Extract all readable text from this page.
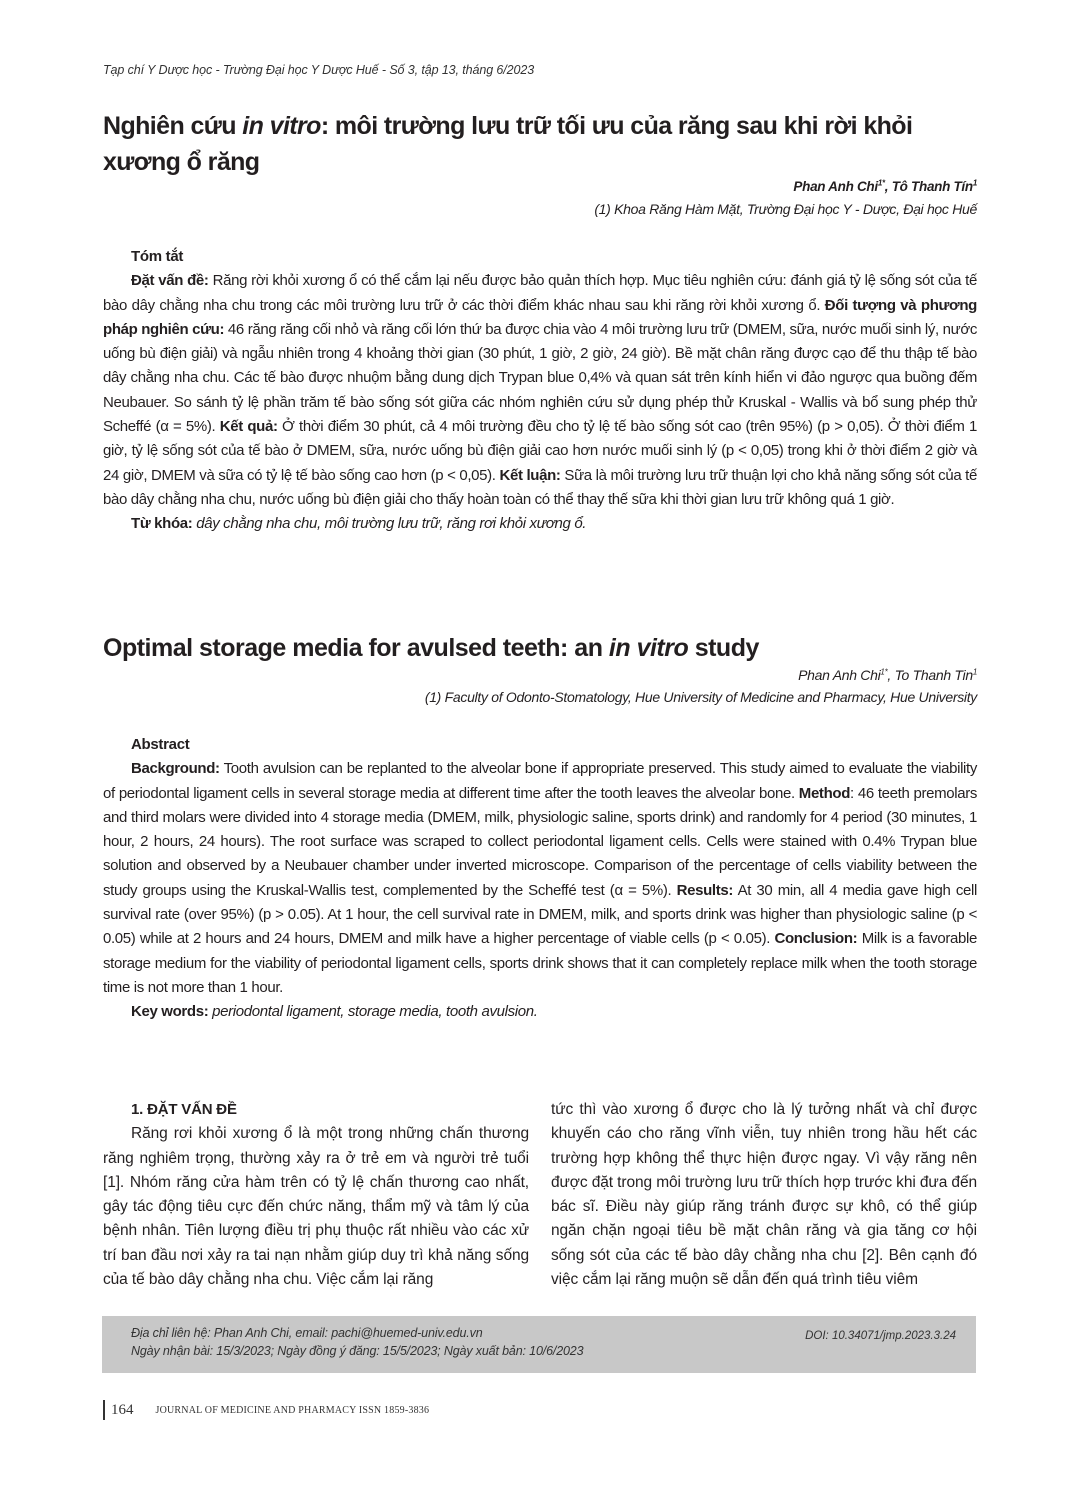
Tạp chí Y Dược học - Trường Đại học Y Dược Huế - Số 3, tập 13, tháng 6/2023
Nghiên cứu in vitro: môi trường lưu trữ tối ưu của răng sau khi rời khỏi xương ổ răng
Phan Anh Chi$^{1*}$, Tô Thanh Tín$^1$
(1) Khoa Răng Hàm Mặt, Trường Đại học Y - Dược, Đại học Huế
Tóm tắt

Đặt vấn đề: Răng rời khỏi xương ổ có thể cắm lại nếu được bảo quản thích hợp. Mục tiêu nghiên cứu: đánh giá tỷ lệ sống sót của tế bào dây chằng nha chu trong các môi trường lưu trữ ở các thời điểm khác nhau sau khi răng rời khỏi xương ổ. Đối tượng và phương pháp nghiên cứu: 46 răng răng cối nhỏ và răng cối lớn thứ ba được chia vào 4 môi trường lưu trữ (DMEM, sữa, nước muối sinh lý, nước uống bù điện giải) và ngẫu nhiên trong 4 khoảng thời gian (30 phút, 1 giờ, 2 giờ, 24 giờ). Bề mặt chân răng được cạo để thu thập tế bào dây chằng nha chu. Các tế bào được nhuộm bằng dung dịch Trypan blue 0,4% và quan sát trên kính hiển vi đảo ngược qua buồng đếm Neubauer. So sánh tỷ lệ phần trăm tế bào sống sót giữa các nhóm nghiên cứu sử dụng phép thử Kruskal - Wallis và bổ sung phép thử Scheffé (α = 5%). Kết quả: Ở thời điểm 30 phút, cả 4 môi trường đều cho tỷ lệ tế bào sống sót cao (trên 95%) (p > 0,05). Ở thời điểm 1 giờ, tỷ lệ sống sót của tế bào ở DMEM, sữa, nước uống bù điện giải cao hơn nước muối sinh lý (p < 0,05) trong khi ở thời điểm 2 giờ và 24 giờ, DMEM và sữa có tỷ lệ tế bào sống cao hơn (p < 0,05). Kết luận: Sữa là môi trường lưu trữ thuận lợi cho khả năng sống sót của tế bào dây chằng nha chu, nước uống bù điện giải cho thấy hoàn toàn có thể thay thế sữa khi thời gian lưu trữ không quá 1 giờ.

Từ khóa: dây chằng nha chu, môi trường lưu trữ, răng rơi khỏi xương ổ.

Optimal storage media for avulsed teeth: an in vitro study
Phan Anh Chi$^{1*}$, To Thanh Tin$^1$
(1) Faculty of Odonto-Stomatology, Hue University of Medicine and Pharmacy, Hue University
Abstract

Background: Tooth avulsion can be replanted to the alveolar bone if appropriate preserved. This study aimed to evaluate the viability of periodontal ligament cells in several storage media at different time after the tooth leaves the alveolar bone. Method: 46 teeth premolars and third molars were divided into 4 storage media (DMEM, milk, physiologic saline, sports drink) and randomly for 4 period (30 minutes, 1 hour, 2 hours, 24 hours). The root surface was scraped to collect periodontal ligament cells. Cells were stained with 0.4% Trypan blue solution and observed by a Neubauer chamber under inverted microscope. Comparison of the percentage of cells viability between the study groups using the Kruskal-Wallis test, complemented by the Scheffé test (α = 5%). Results: At 30 min, all 4 media gave high cell survival rate (over 95%) (p > 0.05). At 1 hour, the cell survival rate in DMEM, milk, and sports drink was higher than physiologic saline (p < 0.05) while at 2 hours and 24 hours, DMEM and milk have a higher percentage of viable cells (p < 0.05). Conclusion: Milk is a favorable storage medium for the viability of periodontal ligament cells, sports drink shows that it can completely replace milk when the tooth storage time is not more than 1 hour.

Key words: periodontal ligament, storage media, tooth avulsion.

1. ĐẶT VẤN ĐỀ

Răng rơi khỏi xương ổ là một trong những chấn thương răng nghiêm trọng, thường xảy ra ở trẻ em và người trẻ tuổi [1]. Nhóm răng cửa hàm trên có tỷ lệ chấn thương cao nhất, gây tác động tiêu cực đến chức năng, thẩm mỹ và tâm lý của bệnh nhân. Tiên lượng điều trị phụ thuộc rất nhiều vào các xử trí ban đầu nơi xảy ra tai nạn nhằm giúp duy trì khả năng sống của tế bào dây chằng nha chu. Việc cắm lại răng

tức thì vào xương ổ được cho là lý tưởng nhất và chỉ được khuyến cáo cho răng vĩnh viễn, tuy nhiên trong hầu hết các trường hợp không thể thực hiện được ngay. Vì vậy răng nên được đặt trong môi trường lưu trữ thích hợp trước khi đưa đến bác sĩ. Điều này giúp răng tránh được sự khô, có thể giúp ngăn chặn ngoại tiêu bề mặt chân răng và gia tăng cơ hội sống sót của các tế bào dây chằng nha chu [2]. Bên cạnh đó việc cắm lại răng muộn sẽ dẫn đến quá trình tiêu viêm

Địa chỉ liên hệ: Phan Anh Chi, email: pachi@huemed-univ.edu.vn
Ngày nhận bài: 15/3/2023; Ngày đồng ý đăng: 15/5/2023; Ngày xuất bản: 10/6/2023
DOI: 10.34071/jmp.2023.3.24
164 JOURNAL OF MEDICINE AND PHARMACY ISSN 1859-3836
